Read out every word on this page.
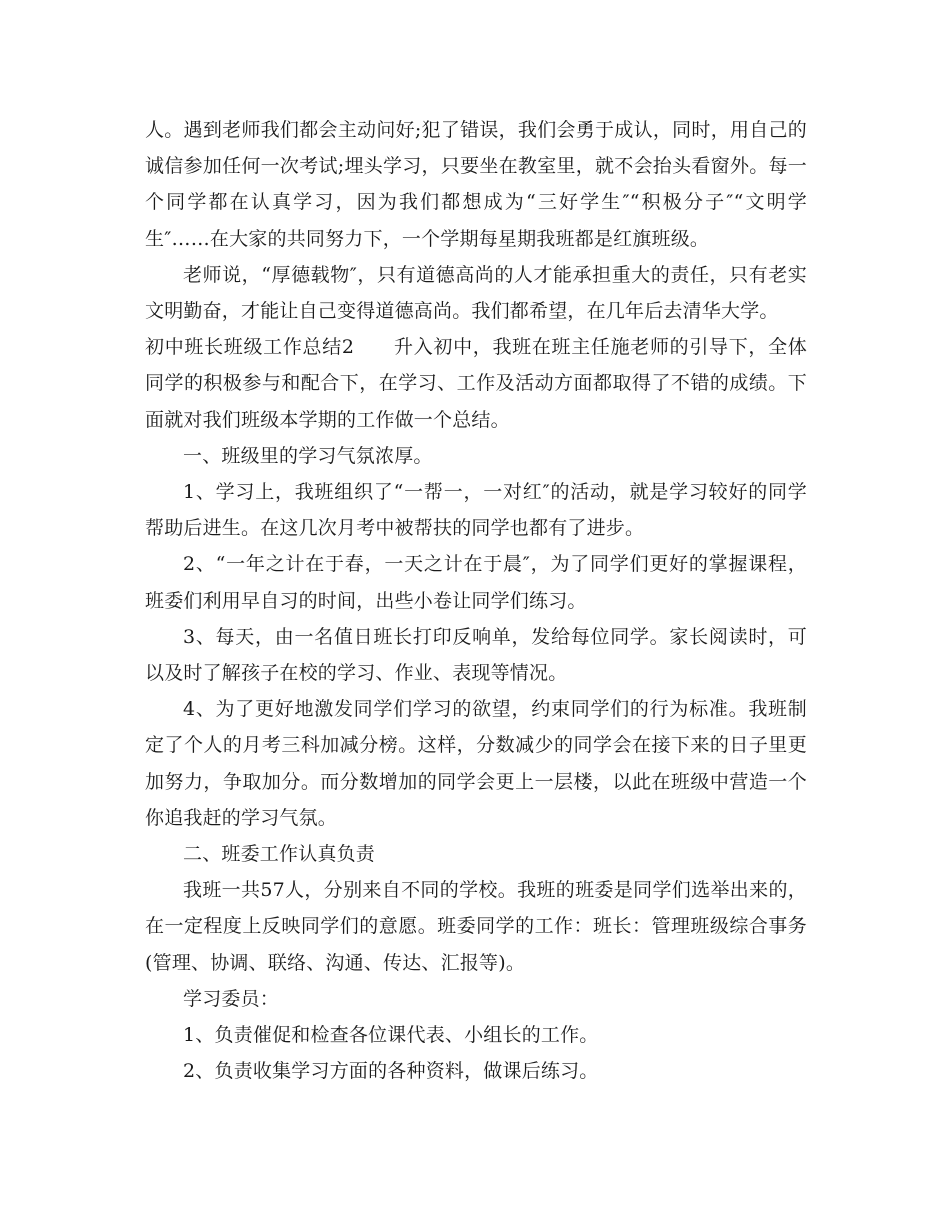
人。遇到老师我们都会主动问好;犯了错误，我们会勇于成认，同时，用自己的诚信参加任何一次考试;埋头学习，只要坐在教室里，就不会抬头看窗外。每一个同学都在认真学习，因为我们都想成为“三好学生″“积极分子″“文明学生″……在大家的共同努力下，一个学期每星期我班都是红旗班级。

老师说，“厚德载物″，只有道德高尚的人才能承担重大的责任，只有老实文明勤奋，才能让自己变得道德高尚。我们都希望，在几年后去清华大学。

初中班长班级工作总结2　　升入初中，我班在班主任施老师的引导下，全体同学的积极参与和配合下，在学习、工作及活动方面都取得了不错的成绩。下面就对我们班级本学期的工作做一个总结。

一、班级里的学习气氛浓厚。

1、学习上，我班组织了“一帮一，一对红″的活动，就是学习较好的同学帮助后进生。在这几次月考中被帮扶的同学也都有了进步。

2、“一年之计在于春，一天之计在于晨″，为了同学们更好的掌握课程，班委们利用早自习的时间，出些小卷让同学们练习。

3、每天，由一名值日班长打印反响单，发给每位同学。家长阅读时，可以及时了解孩子在校的学习、作业、表现等情况。

4、为了更好地激发同学们学习的欲望，约束同学们的行为标准。我班制定了个人的月考三科加减分榜。这样，分数减少的同学会在接下来的日子里更加努力，争取加分。而分数增加的同学会更上一层楼，以此在班级中营造一个你追我赶的学习气氛。

二、班委工作认真负责

我班一共57人，分别来自不同的学校。我班的班委是同学们选举出来的，在一定程度上反映同学们的意愿。班委同学的工作：班长：管理班级综合事务(管理、协调、联络、沟通、传达、汇报等)。

学习委员：

1、负责催促和检查各位课代表、小组长的工作。

2、负责收集学习方面的各种资料，做课后练习。
